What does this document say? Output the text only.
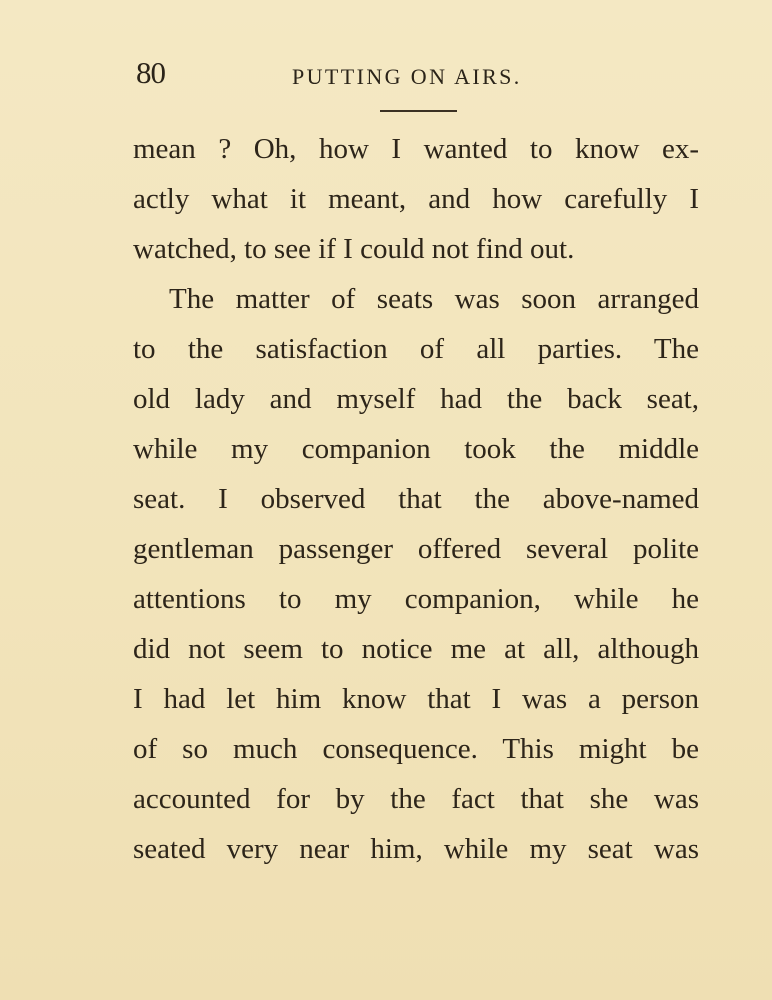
80	PUTTING ON AIRS.
mean ? Oh, how I wanted to know ex-
actly what it meant, and how carefully I
watched, to see if I could not find out.
The matter of seats was soon arranged
to the satisfaction of all parties. The
old lady and myself had the back seat,
while my companion took the middle
seat. I observed that the above-named
gentleman passenger offered several polite
attentions to my companion, while he
did not seem to notice me at all, although
I had let him know that I was a person
of so much consequence. This might be
accounted for by the fact that she was
seated very near him, while my seat was
